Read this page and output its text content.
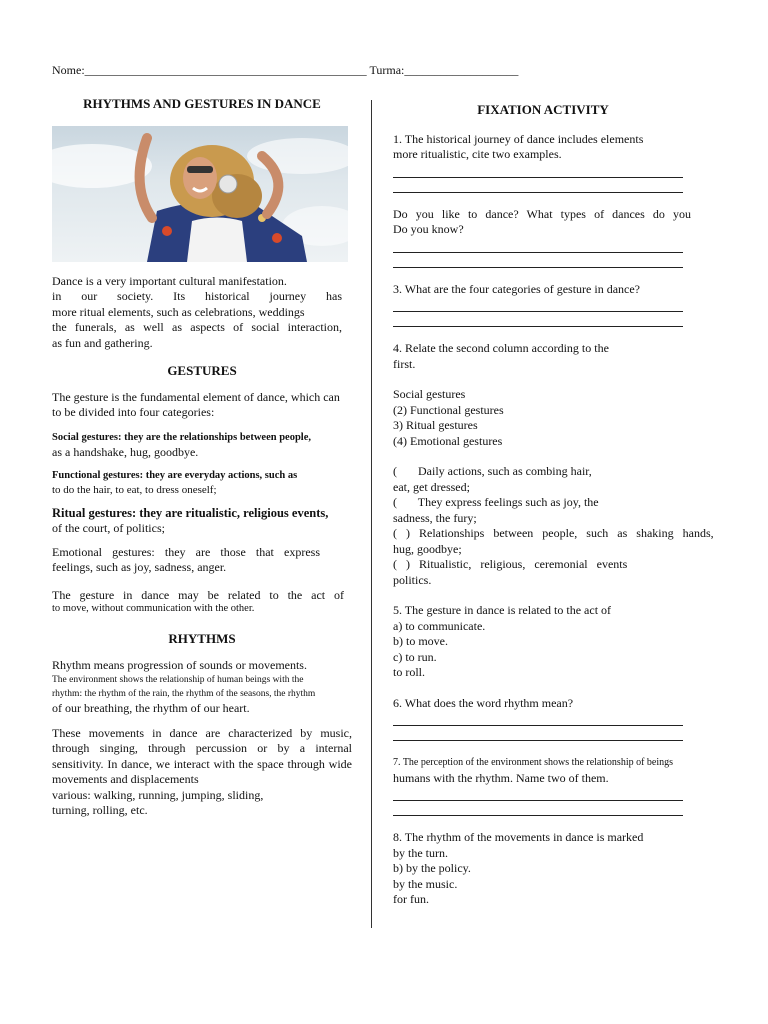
Nome:_______________________________________________ Turma:___________________
RHYTHMS AND GESTURES IN DANCE

Dance is a very important cultural manifestation.

in our society. Its historical journey has

more ritual elements, such as celebrations, weddings

the funerals, as well as aspects of social interaction,

as fun and gathering.

GESTURES

The gesture is the fundamental element of dance, which can to be divided into four categories:

Social gestures: they are the relationships between people,

as a handshake, hug, goodbye.

Functional gestures: they are everyday actions, such as

to do the hair, to eat, to dress oneself;

Ritual gestures: they are ritualistic, religious events,

of the court, of politics;

Emotional gestures: they are those that express feelings, such as joy, sadness, anger.

The gesture in dance may be related to the act of

to move, without communication with the other.

RHYTHMS

Rhythm means progression of sounds or movements.

The environment shows the relationship of human beings with the

rhythm: the rhythm of the rain, the rhythm of the seasons, the rhythm

of our breathing, the rhythm of our heart.

These movements in dance are characterized by music, through singing, through percussion or by a internal sensitivity. In dance, we interact with the space through wide movements and displacements

various: walking, running, jumping, sliding,

turning, rolling, etc.

FIXATION ACTIVITY

1. The historical journey of dance includes elements

more ritualistic, cite two examples.

Do you like to dance? What types of dances do you

Do you know?

3. What are the four categories of gesture in dance?

4. Relate the second column according to the

first.

Social gestures

(2) Functional gestures

3) Ritual gestures

(4) Emotional gestures

(       Daily actions, such as combing hair,

eat, get dressed;

(       They express feelings such as joy, the

sadness, the fury;

(   )   Relationships   between   people,   such   as   shaking   hands,

hug, goodbye;

(   )   Ritualistic,   religious,   ceremonial   events

politics.

5. The gesture in dance is related to the act of

a) to communicate.

b) to move.

c) to run.

to roll.

6. What does the word rhythm mean?

7. The perception of the environment shows the relationship of beings

humans with the rhythm. Name two of them.

8. The rhythm of the movements in dance is marked

by the turn.

b) by the policy.

by the music.

for fun.
